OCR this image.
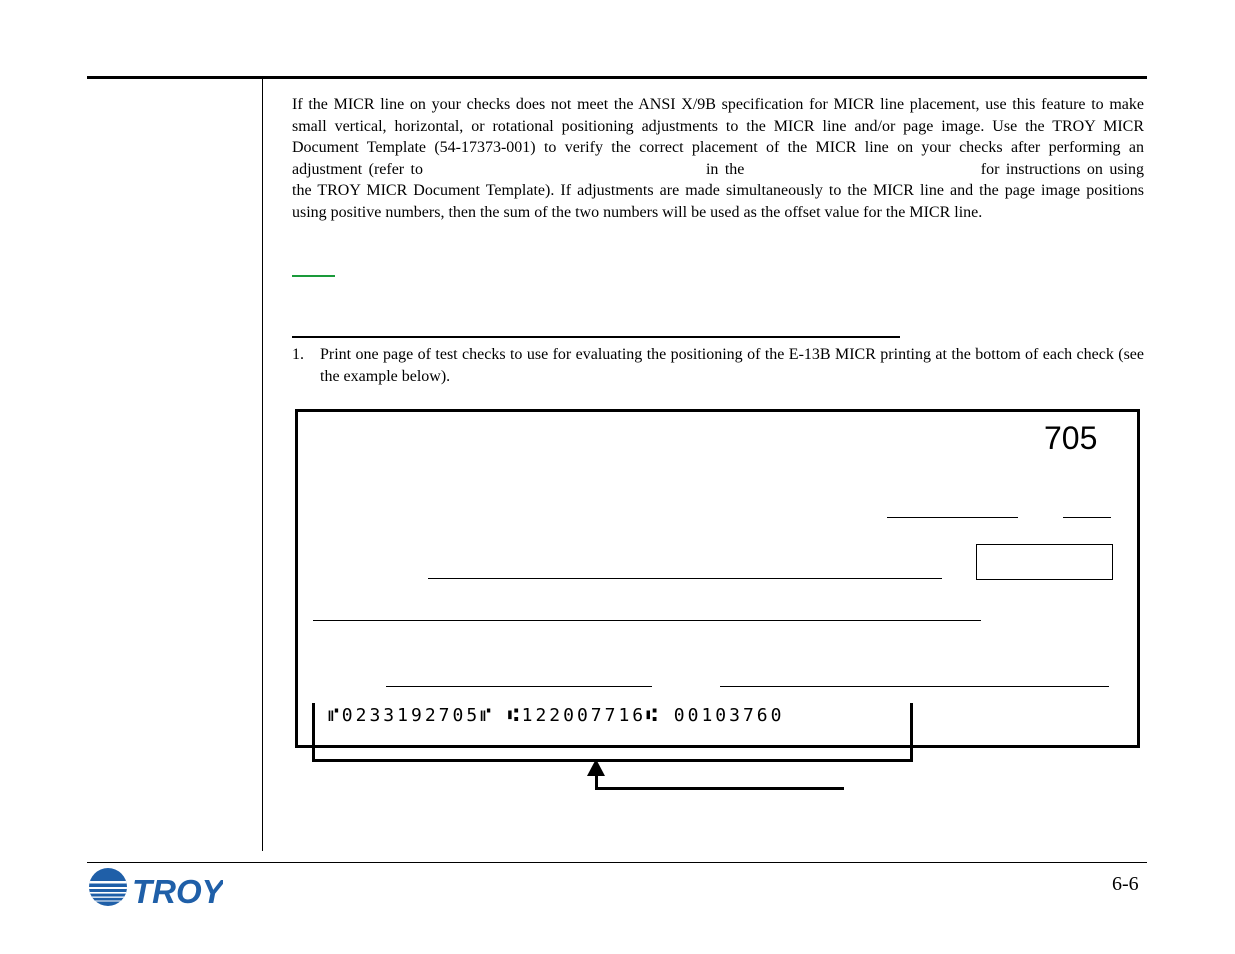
If the MICR line on your checks does not meet the ANSI X/9B specification for MICR line placement, use this feature to make small vertical, horizontal, or rotational positioning adjustments to the MICR line and/or page image. Use the TROY MICR Document Template (54-17373-001) to verify the correct placement of the MICR line on your checks after performing an adjustment (refer to	in the	for instructions on using the TROY MICR Document Template). If adjustments are made simultaneously to the MICR line and the page image positions using positive numbers, then the sum of the two numbers will be used as the offset value for the MICR line.

1. Print one page of test checks to use for evaluating the positioning of the E-13B MICR printing at the bottom of each check (see the example below).

705
⑈0233192705⑈ ⑆122007716⑆ 00103760
TROY	6-6
